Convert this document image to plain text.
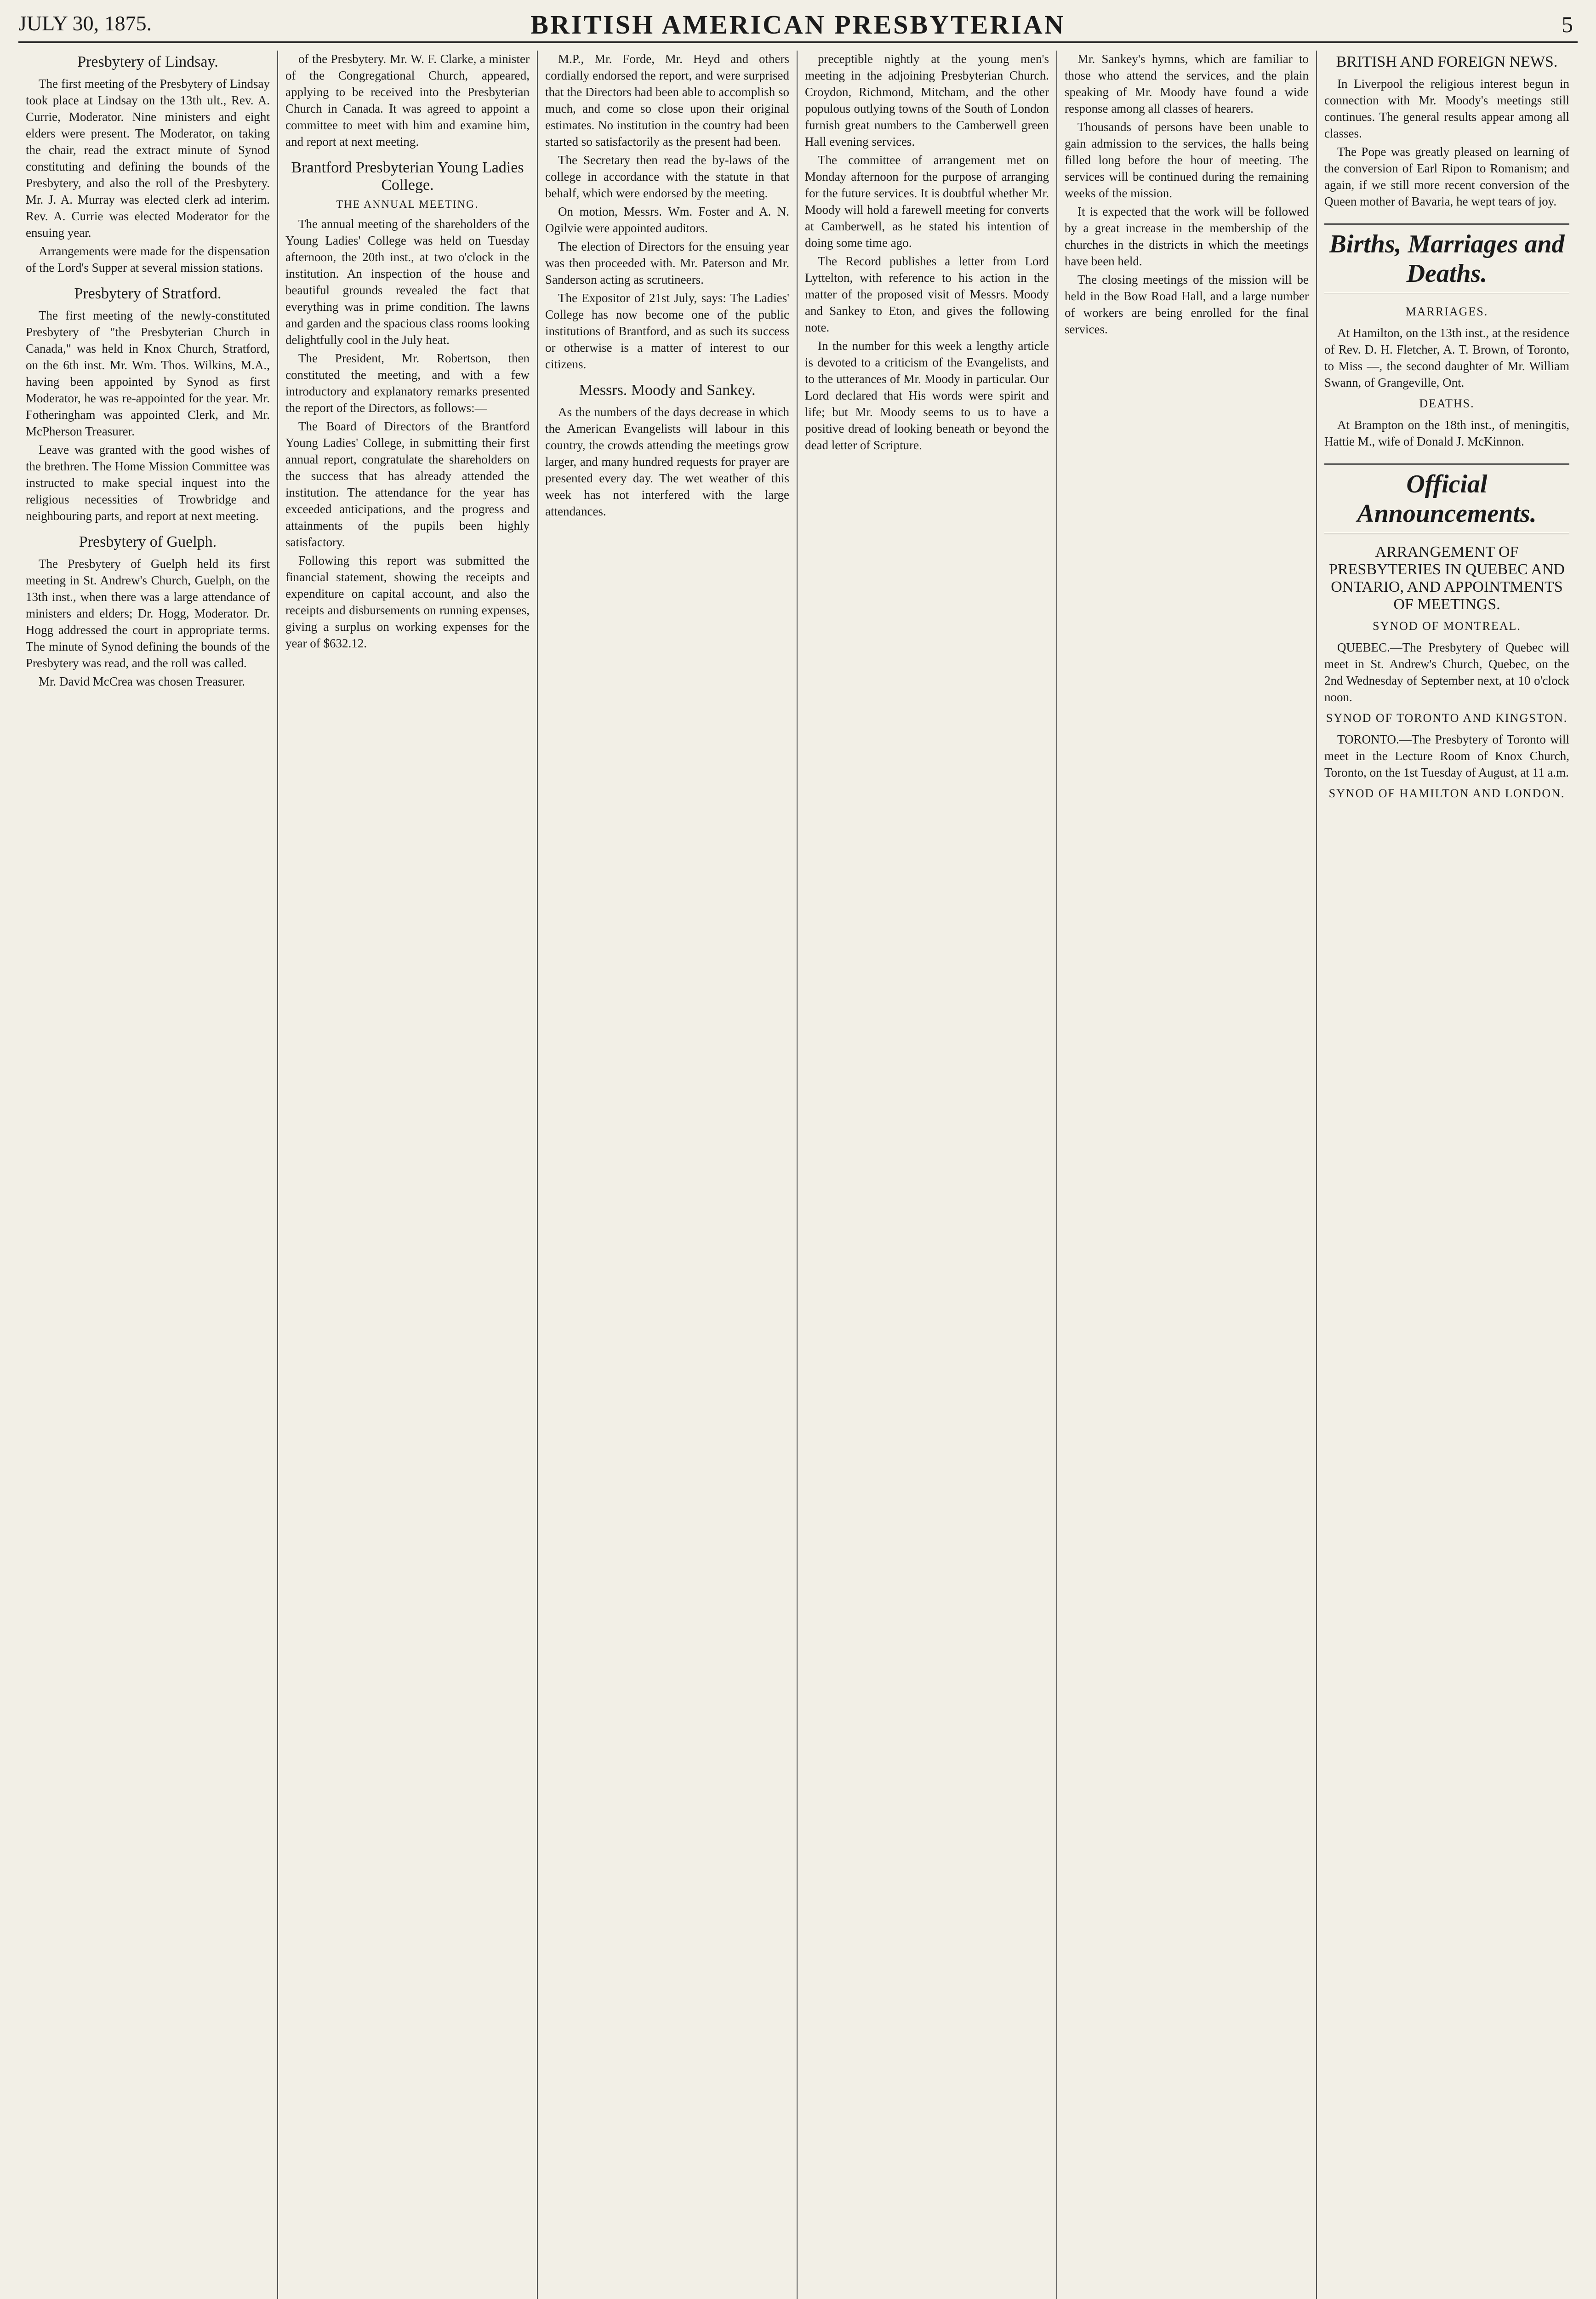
JULY 30, 1875.	BRITISH AMERICAN PRESBYTERIAN	5
Presbytery of Lindsay.

The first meeting of the Presbytery of Lindsay took place at Lindsay on the 13th ult., Rev. A. Currie, Moderator. Nine ministers and eight elders were present. The Moderator, on taking the chair, read the extract minute of Synod constituting and defining the bounds of the Presbytery, and also the roll of the Presbytery. Mr. J. A. Murray was elected clerk ad interim. Rev. A. Currie was elected Moderator for the ensuing year.

Arrangements were made for the dispensation of the Lord's Supper at several mission stations.

Presbytery of Stratford.

The first meeting of the newly-constituted Presbytery of "the Presbyterian Church in Canada," was held in Knox Church, Stratford, on the 6th inst. Mr. Wm. Thos. Wilkins, M.A., having been appointed by Synod as first Moderator, he was re-appointed for the year. Mr. Fotheringham was appointed Clerk, and Mr. McPherson Treasurer.

Leave was granted with the good wishes of the brethren. The Home Mission Committee was instructed to make special inquest into the religious necessities of Trowbridge and neighbouring parts, and report at next meeting.

Presbytery of Guelph.

The Presbytery of Guelph held its first meeting in St. Andrew's Church, Guelph, on the 13th inst., when there was a large attendance of ministers and elders; Dr. Hogg, Moderator. Dr. Hogg addressed the court in appropriate terms. The minute of Synod defining the bounds of the Presbytery was read, and the roll was called.

Mr. David McCrea was chosen Treasurer.

of the Presbytery. Mr. W. F. Clarke, a minister of the Congregational Church, appeared, applying to be received into the Presbyterian Church in Canada. It was agreed to appoint a committee to meet with him and examine him, and report at next meeting.

Brantford Presbyterian Young Ladies College.
THE ANNUAL MEETING.

The annual meeting of the shareholders of the Young Ladies' College was held on Tuesday afternoon, the 20th inst., at two o'clock in the institution. An inspection of the house and beautiful grounds revealed the fact that everything was in prime condition. The lawns and garden and the spacious class rooms looking delightfully cool in the July heat.

The President, Mr. Robertson, then constituted the meeting, and with a few introductory and explanatory remarks presented the report of the Directors, as follows:—

The Board of Directors of the Brantford Young Ladies' College, in submitting their first annual report, congratulate the shareholders on the success that has already attended the institution. The attendance for the year has exceeded anticipations, and the progress and attainments of the pupils been highly satisfactory.

Following this report was submitted the financial statement, showing the receipts and expenditure on capital account, and also the receipts and disbursements on running expenses, giving a surplus on working expenses for the year of $632.12.

M.P., Mr. Forde, Mr. Heyd and others cordially endorsed the report, and were surprised that the Directors had been able to accomplish so much, and come so close upon their original estimates. No institution in the country had been started so satisfactorily as the present had been.

The Secretary then read the by-laws of the college in accordance with the statute in that behalf, which were endorsed by the meeting.

On motion, Messrs. Wm. Foster and A. N. Ogilvie were appointed auditors.

The election of Directors for the ensuing year was then proceeded with. Mr. Paterson and Mr. Sanderson acting as scrutineers.

The Expositor of 21st July, says: The Ladies' College has now become one of the public institutions of Brantford, and as such its success or otherwise is a matter of interest to our citizens.

Messrs. Moody and Sankey.

As the numbers of the days decrease in which the American Evangelists will labour in this country, the crowds attending the meetings grow larger, and many hundred requests for prayer are presented every day. The wet weather of this week has not interfered with the large attendances.

preceptible nightly at the young men's meeting in the adjoining Presbyterian Church. Croydon, Richmond, Mitcham, and the other populous outlying towns of the South of London furnish great numbers to the Camberwell green Hall evening services.

The committee of arrangement met on Monday afternoon for the purpose of arranging for the future services. It is doubtful whether Mr. Moody will hold a farewell meeting for converts at Camberwell, as he stated his intention of doing some time ago.

The Record publishes a letter from Lord Lyttelton, with reference to his action in the matter of the proposed visit of Messrs. Moody and Sankey to Eton, and gives the following note.

In the number for this week a lengthy article is devoted to a criticism of the Evangelists, and to the utterances of Mr. Moody in particular. Our Lord declared that His words were spirit and life; but Mr. Moody seems to us to have a positive dread of looking beneath or beyond the dead letter of Scripture.

Mr. Sankey's hymns, which are familiar to those who attend the services, and the plain speaking of Mr. Moody have found a wide response among all classes of hearers.

Thousands of persons have been unable to gain admission to the services, the halls being filled long before the hour of meeting. The services will be continued during the remaining weeks of the mission.

It is expected that the work will be followed by a great increase in the membership of the churches in the districts in which the meetings have been held.

The closing meetings of the mission will be held in the Bow Road Hall, and a large number of workers are being enrolled for the final services.

BRITISH AND FOREIGN NEWS.

In Liverpool the religious interest begun in connection with Mr. Moody's meetings still continues. The general results appear among all classes.

The Pope was greatly pleased on learning of the conversion of Earl Ripon to Romanism; and again, if we still more recent conversion of the Queen mother of Bavaria, he wept tears of joy.

Births, Marriages and Deaths.

MARRIAGES.

At Hamilton, on the 13th inst., at the residence of Rev. D. H. Fletcher, A. T. Brown, of Toronto, to Miss —, the second daughter of Mr. William Swann, of Grangeville, Ont.

DEATHS.

At Brampton on the 18th inst., of meningitis, Hattie M., wife of Donald J. McKinnon.

Official Announcements.
ARRANGEMENT OF PRESBYTERIES IN QUEBEC AND ONTARIO, AND APPOINTMENTS OF MEETINGS.

SYNOD OF MONTREAL.

QUEBEC.—The Presbytery of Quebec will meet in St. Andrew's Church, Quebec, on the 2nd Wednesday of September next, at 10 o'clock noon.

SYNOD OF TORONTO AND KINGSTON.

TORONTO.—The Presbytery of Toronto will meet in the Lecture Room of Knox Church, Toronto, on the 1st Tuesday of August, at 11 a.m.

SYNOD OF HAMILTON AND LONDON.
